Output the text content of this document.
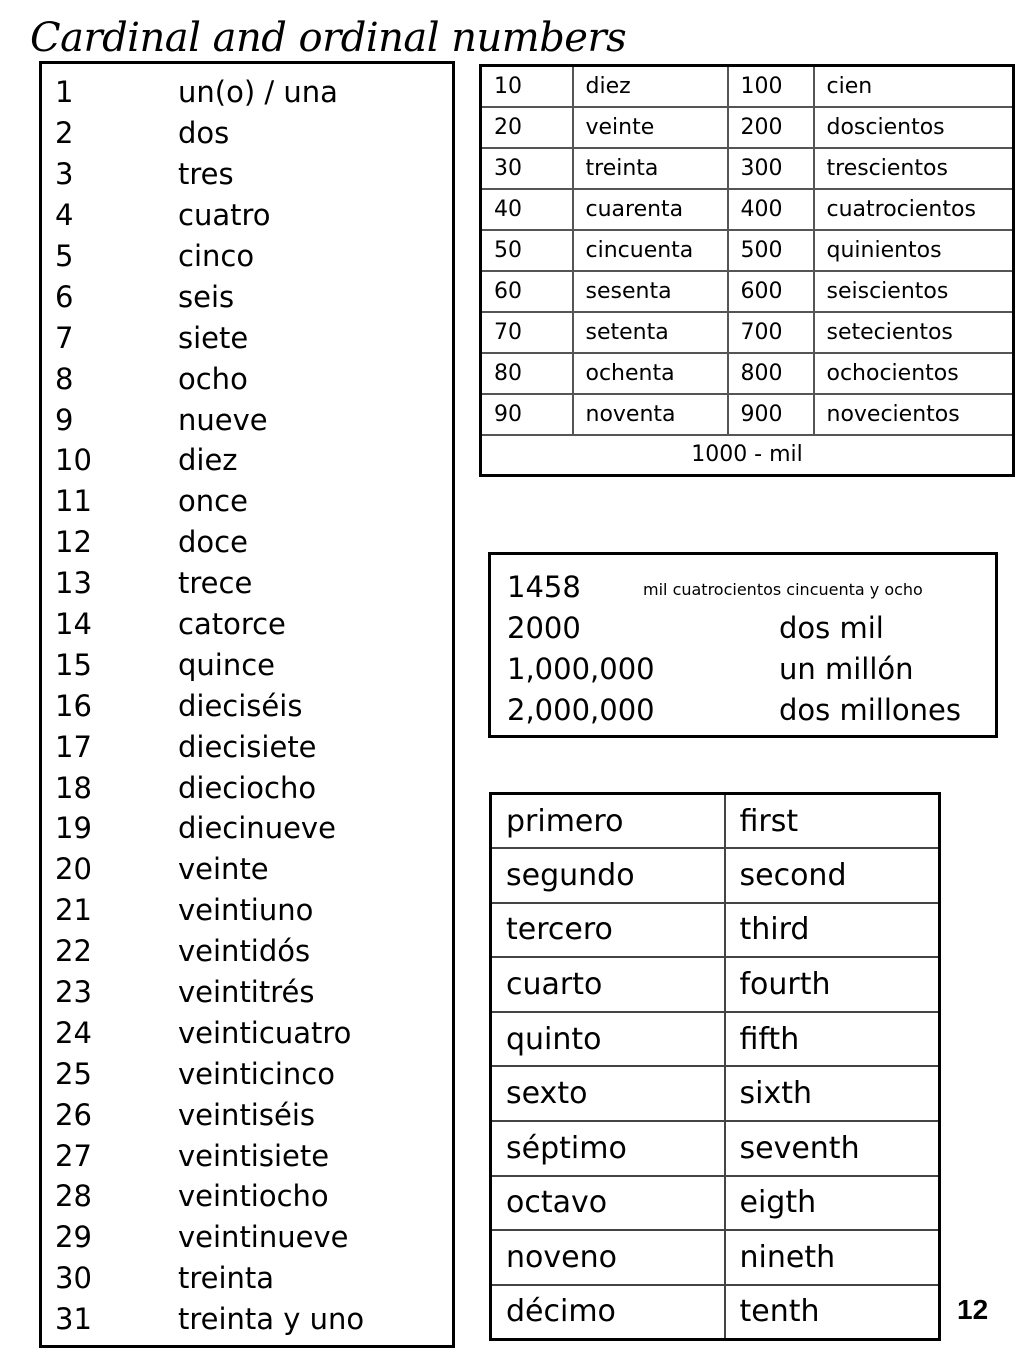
Cardinal and ordinal numbers
1	un(o) / una
2	dos
3	tres
4	cuatro
5	cinco
6	seis
7	siete
8	ocho
9	nueve
10	diez
11	once
12	doce
13	trece
14	catorce
15	quince
16	dieciséis
17	diecisiete
18	dieciocho
19	diecinueve
20	veinte
21	veintiuno
22	veintidós
23	veintitrés
24	veinticuatro
25	veinticinco
26	veintiséis
27	veintisiete
28	veintiocho
29	veintinueve
30	treinta
31	treinta y uno
10	diez	100	cien
20	veinte	200	doscientos
30	treinta	300	trescientos
40	cuarenta	400	cuatrocientos
50	cincuenta	500	quinientos
60	sesenta	600	seiscientos
70	setenta	700	setecientos
80	ochenta	800	ochocientos
90	noventa	900	novecientos
1000 - mil			
1458	mil cuatrocientos cincuenta y ocho
2000	dos mil
1,000,000	un millón
2,000,000	dos millones
primero	first
segundo	second
tercero	third
cuarto	fourth
quinto	fifth
sexto	sixth
séptimo	seventh
octavo	eigth
noveno	nineth
décimo	tenth	12
